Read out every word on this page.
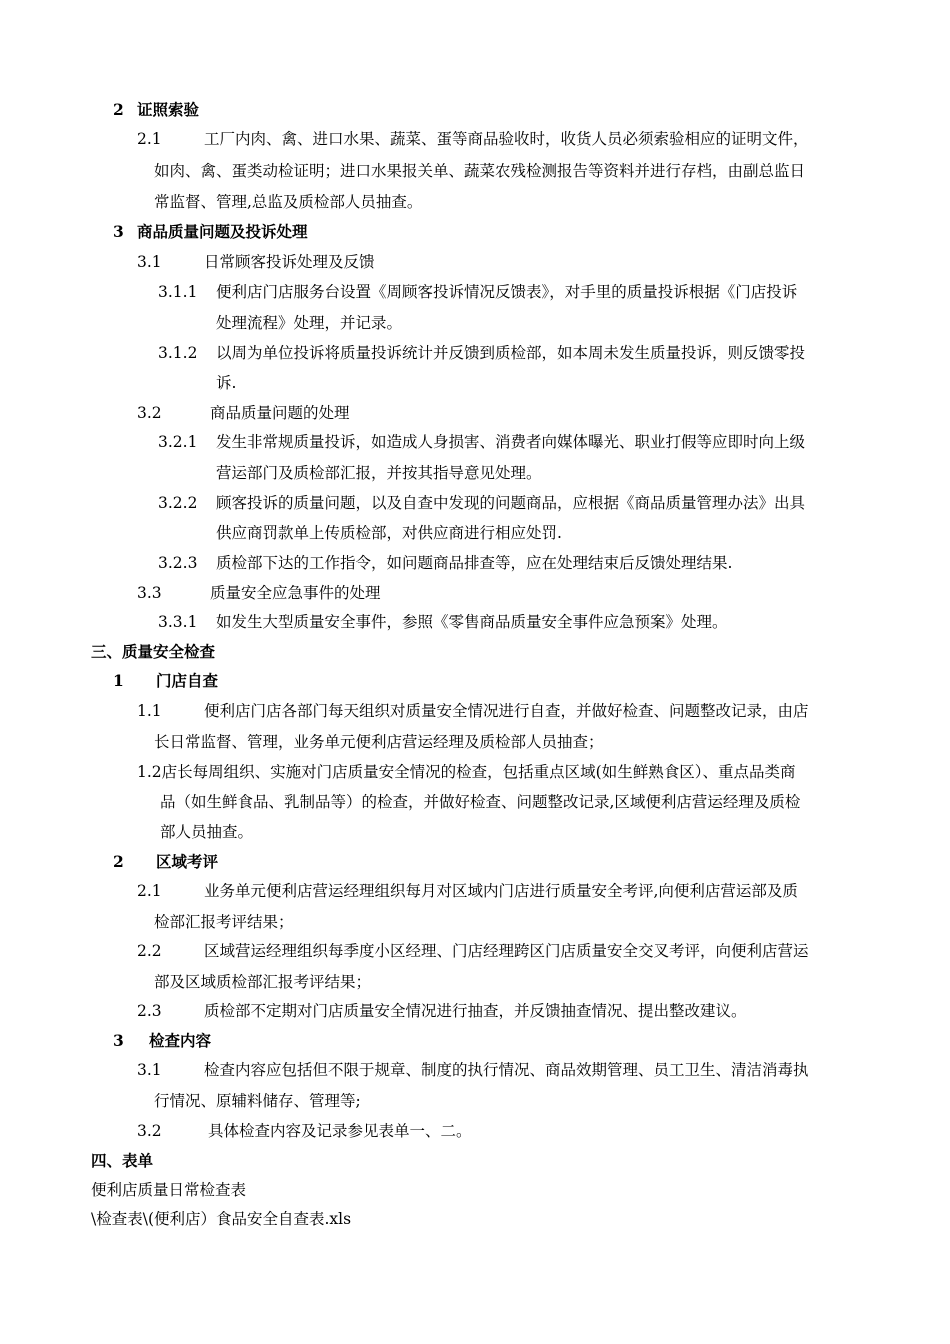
2 证照索验
2.1	工厂内肉、禽、进口水果、蔬菜、蛋等商品验收时，收货人员必须索验相应的证明文件，
如肉、禽、蛋类动检证明；进口水果报关单、蔬菜农残检测报告等资料并进行存档，由副总监日
常监督、管理,总监及质检部人员抽查。
3 商品质量问题及投诉处理
3.1	日常顾客投诉处理及反馈
3.1.1 便利店门店服务台设置《周顾客投诉情况反馈表》，对手里的质量投诉根据《门店投诉
处理流程》处理，并记录。
3.1.2 以周为单位投诉将质量投诉统计并反馈到质检部，如本周未发生质量投诉，则反馈零投
诉.
3.2	商品质量问题的处理
3.2.1 发生非常规质量投诉，如造成人身损害、消费者向媒体曝光、职业打假等应即时向上级
营运部门及质检部汇报，并按其指导意见处理。
3.2.2 顾客投诉的质量问题，以及自查中发现的问题商品，应根据《商品质量管理办法》出具
供应商罚款单上传质检部，对供应商进行相应处罚.
3.2.3 质检部下达的工作指令，如问题商品排查等，应在处理结束后反馈处理结果.
3.3	质量安全应急事件的处理
3.3.1 如发生大型质量安全事件，参照《零售商品质量安全事件应急预案》处理。
三、质量安全检查
1 门店自查
1.1	便利店门店各部门每天组织对质量安全情况进行自查，并做好检查、问题整改记录，由店
长日常监督、管理，业务单元便利店营运经理及质检部人员抽查；
1.2店长每周组织、实施对门店质量安全情况的检查，包括重点区域(如生鲜熟食区）、重点品类商
品（如生鲜食品、乳制品等）的检查，并做好检查、问题整改记录,区域便利店营运经理及质检
部人员抽查。
2 区域考评
2.1	业务单元便利店营运经理组织每月对区域内门店进行质量安全考评,向便利店营运部及质
检部汇报考评结果；
2.2	区域营运经理组织每季度小区经理、门店经理跨区门店质量安全交叉考评，向便利店营运
部及区域质检部汇报考评结果；
2.3	质检部不定期对门店质量安全情况进行抽查，并反馈抽查情况、提出整改建议。
3 检查内容
3.1	检查内容应包括但不限于规章、制度的执行情况、商品效期管理、员工卫生、清洁消毒执
行情况、原辅料储存、管理等;
3.2	具体检查内容及记录参见表单一、二。
四、表单
便利店质量日常检查表
\检查表\(便利店）食品安全自查表.xls
